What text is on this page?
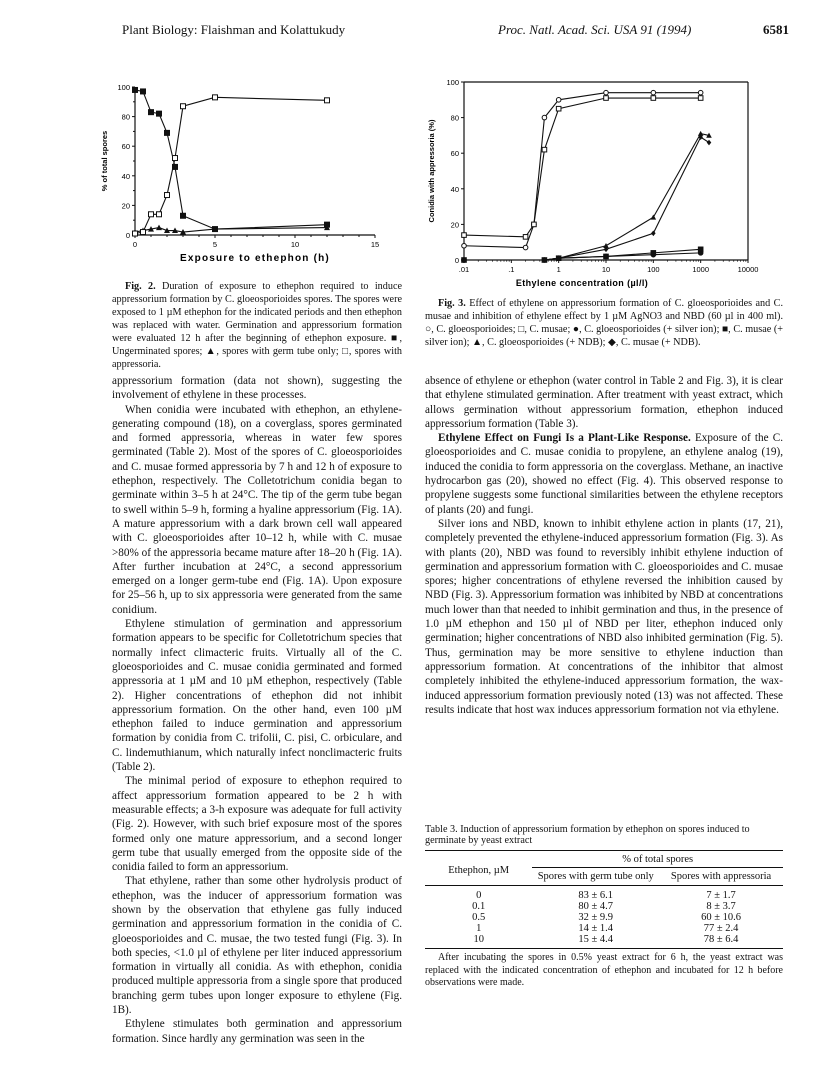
Plant Biology: Flaishman and Kolattukudy	Proc. Natl. Acad. Sci. USA 91 (1994)	6581
0
20
40
60
80
100
0	5	10	15
Exposure to ethephon (h)
% of total spores

Fig. 2. Duration of exposure to ethephon required to induce appressorium formation by C. gloeosporioides spores. The spores were exposed to 1 µM ethephon for the indicated periods and then ethephon was replaced with water. Germination and appressorium formation were evaluated 12 h after the beginning of ethephon exposure. ■, Ungerminated spores; ▲, spores with germ tube only; □, spores with appressoria.

0
20
40
60
80
100
.01	.1	1	10	100	1000	10000
Ethylene concentration (µl/l)
Conidia with appressoria (%)

Fig. 3. Effect of ethylene on appressorium formation of C. gloeosporioides and C. musae and inhibition of ethylene effect by 1 µM AgNO3 and NBD (60 µl in 400 ml). ○, C. gloeosporioides; □, C. musae; ●, C. gloeosporioides (+ silver ion); ■, C. musae (+ silver ion); ▲, C. gloeosporioides (+ NDB); ◆, C. musae (+ NDB).

appressorium formation (data not shown), suggesting the involvement of ethylene in these processes.

When conidia were incubated with ethephon, an ethylene-generating compound (18), on a coverglass, spores germinated and formed appressoria, whereas in water few spores germinated (Table 2). Most of the spores of C. gloeosporioides and C. musae formed appressoria by 7 h and 12 h of exposure to ethephon, respectively. The Colletotrichum conidia began to germinate within 3–5 h at 24°C. The tip of the germ tube began to swell within 5–9 h, forming a hyaline appressorium (Fig. 1A). A mature appressorium with a dark brown cell wall appeared with C. gloeosporioides after 10–12 h, while with C. musae >80% of the appressoria became mature after 18–20 h (Fig. 1A). After further incubation at 24°C, a second appressorium emerged on a longer germ-tube end (Fig. 1A). Upon exposure for 25–56 h, up to six appressoria were generated from the same conidium.

Ethylene stimulation of germination and appressorium formation appears to be specific for Colletotrichum species that normally infect climacteric fruits. Virtually all of the C. gloeosporioides and C. musae conidia germinated and formed appressoria at 1 µM and 10 µM ethephon, respectively (Table 2). Higher concentrations of ethephon did not inhibit appressorium formation. On the other hand, even 100 µM ethephon failed to induce germination and appressorium formation by conidia from C. trifolii, C. pisi, C. orbiculare, and C. lindemuthianum, which naturally infect nonclimacteric fruits (Table 2).

The minimal period of exposure to ethephon required to affect appressorium formation appeared to be 2 h with measurable effects; a 3-h exposure was adequate for full activity (Fig. 2). However, with such brief exposure most of the spores formed only one mature appressorium, and a second longer germ tube that usually emerged from the opposite side of the conidia failed to form an appressorium.

That ethylene, rather than some other hydrolysis product of ethephon, was the inducer of appressorium formation was shown by the observation that ethylene gas fully induced germination and appressorium formation in the conidia of C. gloeosporioides and C. musae, the two tested fungi (Fig. 3). In both species, <1.0 µl of ethylene per liter induced appressorium formation in virtually all conidia. As with ethephon, conidia produced multiple appressoria from a single spore that produced branching germ tubes upon longer exposure to ethylene (Fig. 1B).

Ethylene stimulates both germination and appressorium formation. Since hardly any germination was seen in the

absence of ethylene or ethephon (water control in Table 2 and Fig. 3), it is clear that ethylene stimulated germination. After treatment with yeast extract, which allows germination without appressorium formation, ethephon induced appressorium formation (Table 3).

Ethylene Effect on Fungi Is a Plant-Like Response. Exposure of the C. gloeosporioides and C. musae conidia to propylene, an ethylene analog (19), induced the conidia to form appressoria on the coverglass. Methane, an inactive hydrocarbon gas (20), showed no effect (Fig. 4). This observed response to propylene suggests some functional similarities between the ethylene receptors of plants (20) and fungi.

Silver ions and NBD, known to inhibit ethylene action in plants (17, 21), completely prevented the ethylene-induced appressorium formation (Fig. 3). As with plants (20), NBD was found to reversibly inhibit ethylene induction of germination and appressorium formation with C. gloeosporioides and C. musae spores; higher concentrations of ethylene reversed the inhibition caused by NBD (Fig. 3). Appressorium formation was inhibited by NBD at concentrations much lower than that needed to inhibit germination and thus, in the presence of 1.0 µM ethephon and 150 µl of NBD per liter, ethephon induced only germination; higher concentrations of NBD also inhibited germination (Fig. 5). Thus, germination may be more sensitive to ethylene induction than appressorium formation. At concentrations of the inhibitor that almost completely inhibited the ethylene-induced appressorium formation, the wax-induced appressorium formation previously noted (13) was not affected. These results indicate that host wax induces appressorium formation not via ethylene.

Table 3. Induction of appressorium formation by ethephon on spores induced to germinate by yeast extract
Ethephon, µM	% of total spores	
	Spores with germ tube only	Spores with appressoria
0	83 ± 6.1	7 ± 1.7
0.1	80 ± 4.7	8 ± 3.7
0.5	32 ± 9.9	60 ± 10.6
1	14 ± 1.4	77 ± 2.4
10	15 ± 4.4	78 ± 6.4
After incubating the spores in 0.5% yeast extract for 6 h, the yeast extract was replaced with the indicated concentration of ethephon and incubated for 12 h before observations were made.		
